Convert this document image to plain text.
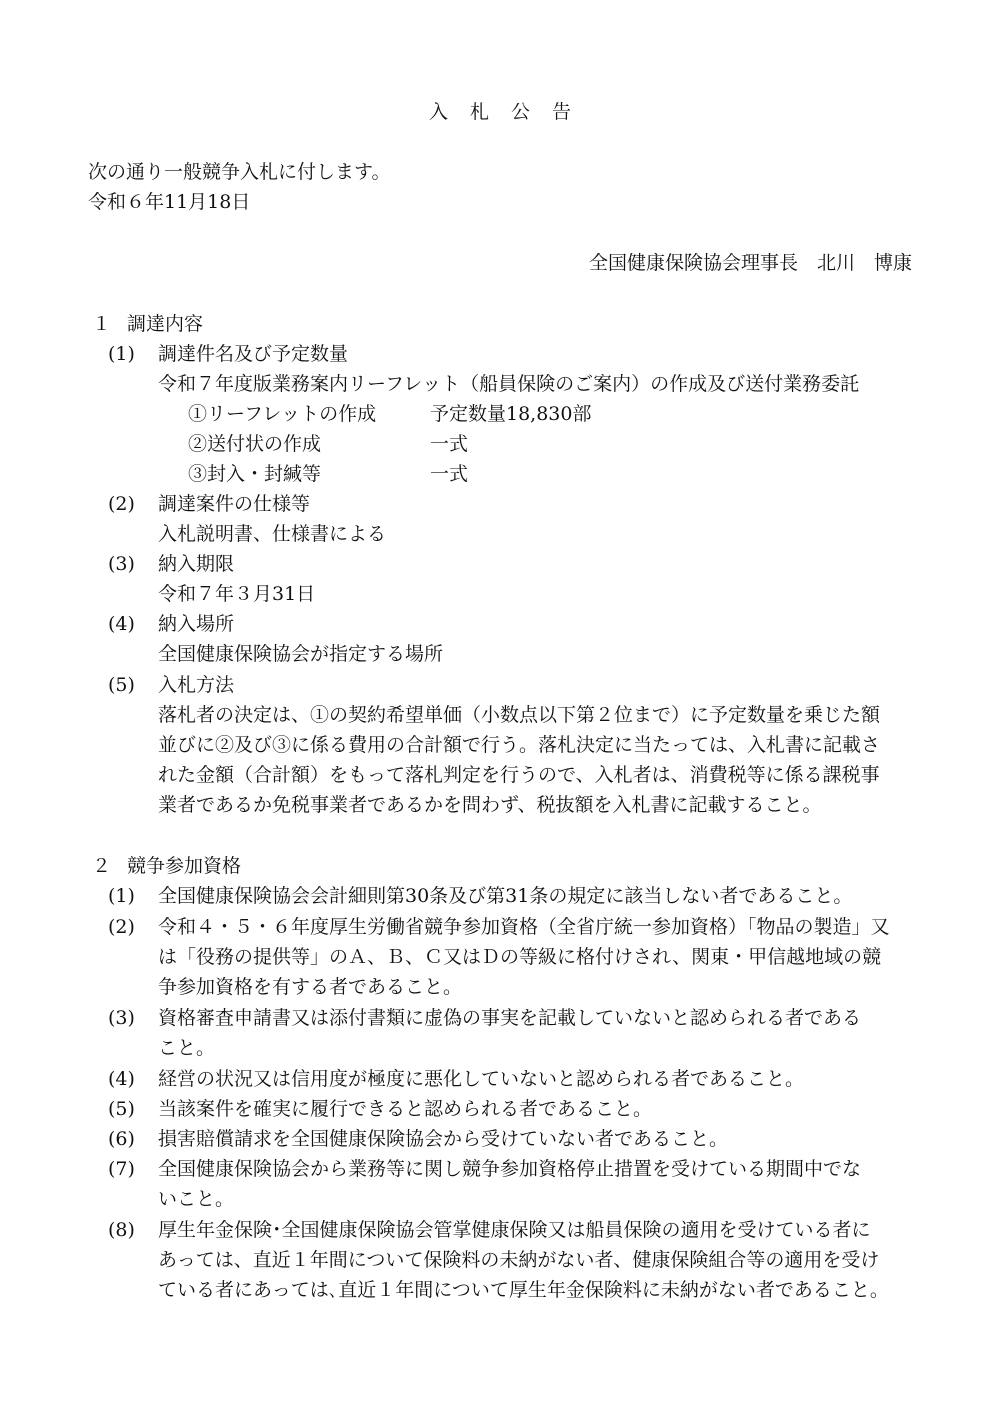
入札公告
次の通り一般競争入札に付します。
令和６年11月18日
全国健康保険協会理事長　北川　博康
１ 調達内容
(1) 調達件名及び予定数量
令和７年度版業務案内リーフレット（船員保険のご案内）の作成及び送付業務委託
①リーフレットの作成	予定数量18,830部
②送付状の作成	一式
③封入・封緘等	一式
(2) 調達案件の仕様等
入札説明書、仕様書による
(3) 納入期限
令和７年３月31日
(4) 納入場所
全国健康保険協会が指定する場所
(5) 入札方法
落札者の決定は、①の契約希望単価（小数点以下第２位まで）に予定数量を乗じた額
並びに②及び③に係る費用の合計額で行う。落札決定に当たっては、入札書に記載さ
れた金額（合計額）をもって落札判定を行うので、入札者は、消費税等に係る課税事
業者であるか免税事業者であるかを問わず、税抜額を入札書に記載すること。
２ 競争参加資格
(1) 全国健康保険協会会計細則第30条及び第31条の規定に該当しない者であること。
(2) 令和４・５・６年度厚生労働省競争参加資格（全省庁統一参加資格）「物品の製造」又
は「役務の提供等」のＡ、Ｂ、Ｃ又はＤの等級に格付けされ、関東・甲信越地域の競
争参加資格を有する者であること。
(3) 資格審査申請書又は添付書類に虚偽の事実を記載していないと認められる者である
こと。
(4) 経営の状況又は信用度が極度に悪化していないと認められる者であること。
(5) 当該案件を確実に履行できると認められる者であること。
(6) 損害賠償請求を全国健康保険協会から受けていない者であること。
(7) 全国健康保険協会から業務等に関し競争参加資格停止措置を受けている期間中でな
いこと。
(8) 厚生年金保険･全国健康保険協会管掌健康保険又は船員保険の適用を受けている者に
あっては、直近１年間について保険料の未納がない者、健康保険組合等の適用を受け
ている者にあっては､直近１年間について厚生年金保険料に未納がない者であること。
